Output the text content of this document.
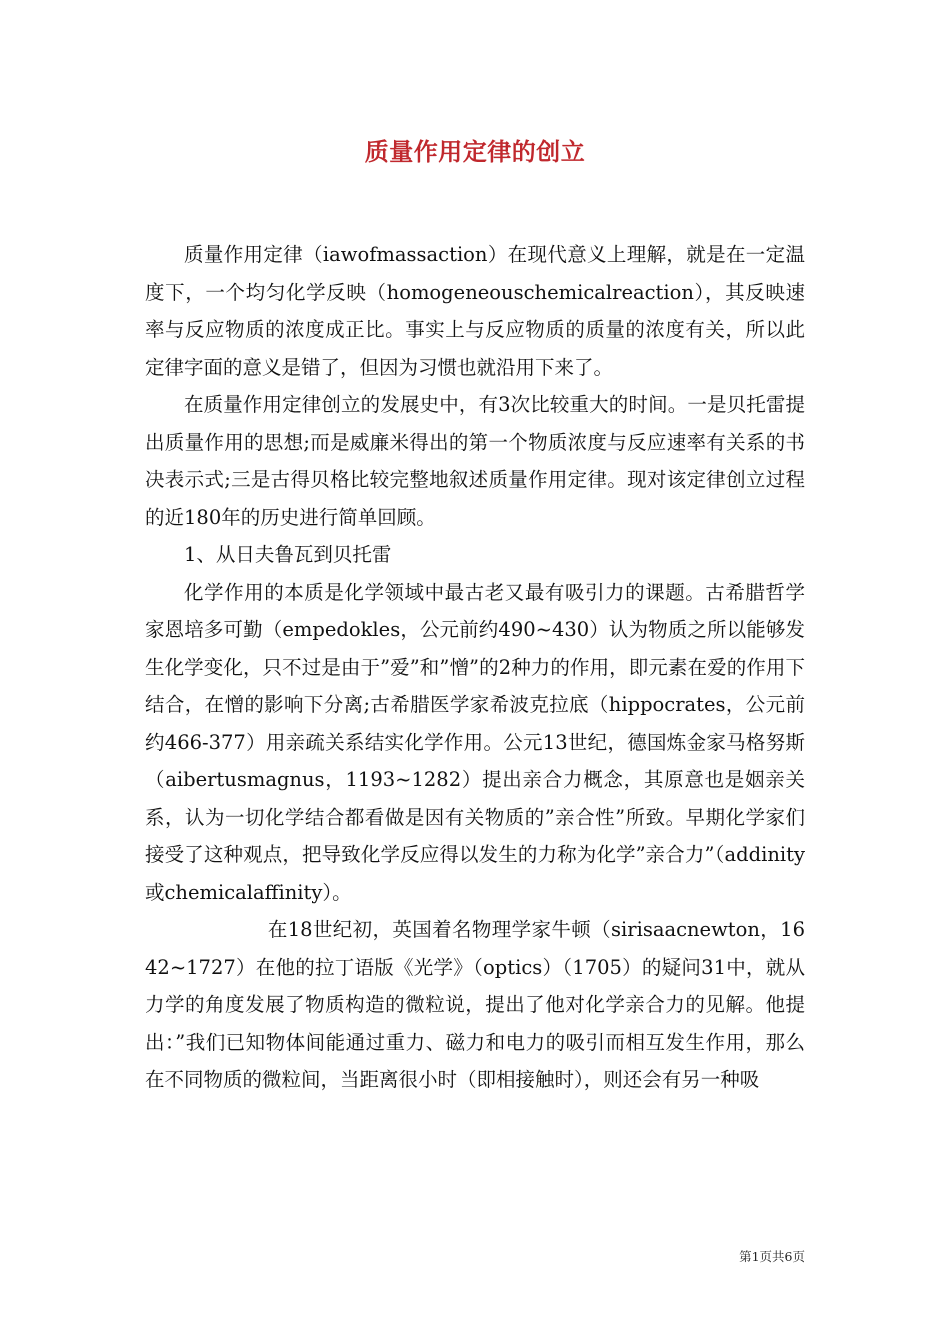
质量作用定律的创立

质量作用定律（iawofmassaction）在现代意义上理解，就是在一定温度下，一个均匀化学反映（homogeneouschemicalreaction），其反映速率与反应物质的浓度成正比。事实上与反应物质的质量的浓度有关，所以此定律字面的意义是错了，但因为习惯也就沿用下来了。

在质量作用定律创立的发展史中，有3次比较重大的时间。一是贝托雷提出质量作用的思想;而是威廉米得出的第一个物质浓度与反应速率有关系的书决表示式;三是古得贝格比较完整地叙述质量作用定律。现对该定律创立过程的近180年的历史进行简单回顾。

1、从日夫鲁瓦到贝托雷

化学作用的本质是化学领域中最古老又最有吸引力的课题。古希腊哲学家恩培多可勤（empedokles，公元前约490~430）认为物质之所以能够发生化学变化，只不过是由于”爱”和”憎”的2种力的作用，即元素在爱的作用下结合，在憎的影响下分离;古希腊医学家希波克拉底（hippocrates，公元前约466-377）用亲疏关系结实化学作用。公元13世纪，德国炼金家马格努斯（aibertusmagnus，1193~1282）提出亲合力概念，其原意也是姻亲关系，认为一切化学结合都看做是因有关物质的”亲合性”所致。早期化学家们接受了这种观点，把导致化学反应得以发生的力称为化学”亲合力”（addinity或chemicalaffinity）。

在18世纪初，英国着名物理学家牛顿（sirisaacnewton，1642~1727）在他的拉丁语版《光学》（optics）（1705）的疑问31中，就从力学的角度发展了物质构造的微粒说，提出了他对化学亲合力的见解。他提出：”我们已知物体间能通过重力、磁力和电力的吸引而相互发生作用，那么在不同物质的微粒间，当距离很小时（即相接触时），则还会有另一种吸

第1页共6页
